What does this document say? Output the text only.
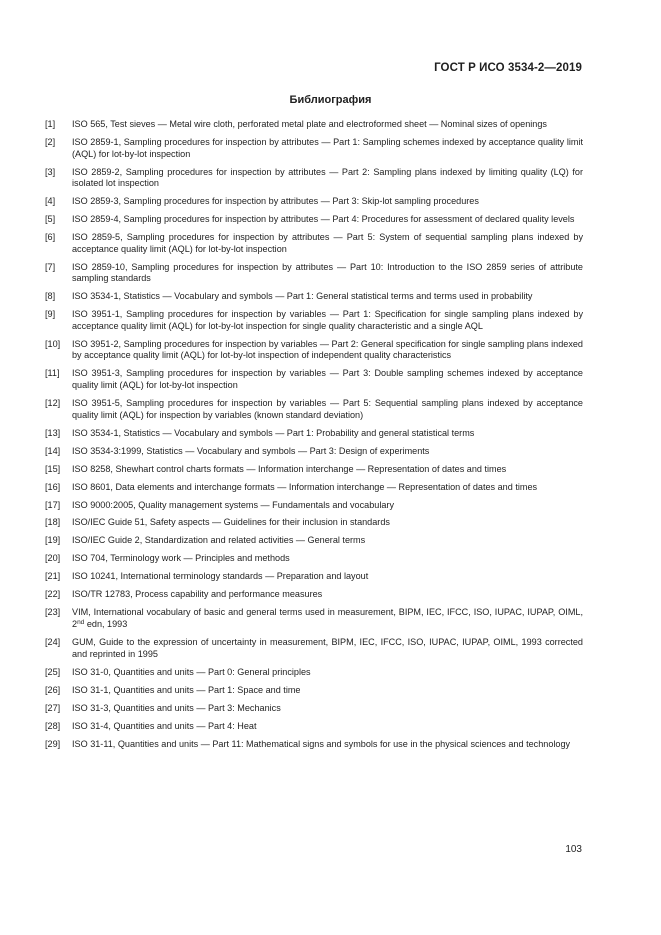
ГОСТ Р ИСО 3534-2—2019
Библиография
[1]	ISO 565, Test sieves — Metal wire cloth, perforated metal plate and electroformed sheet — Nominal sizes of openings
[2]	ISO 2859-1, Sampling procedures for inspection by attributes — Part 1: Sampling schemes indexed by acceptance quality limit (AQL) for lot-by-lot inspection
[3]	ISO 2859-2, Sampling procedures for inspection by attributes — Part 2: Sampling plans indexed by limiting quality (LQ) for isolated lot inspection
[4]	ISO 2859-3, Sampling procedures for inspection by attributes — Part 3: Skip-lot sampling procedures
[5]	ISO 2859-4, Sampling procedures for inspection by attributes — Part 4: Procedures for assessment of declared quality levels
[6]	ISO 2859-5, Sampling procedures for inspection by attributes — Part 5: System of sequential sampling plans indexed by acceptance quality limit (AQL) for lot-by-lot inspection
[7]	ISO 2859-10, Sampling procedures for inspection by attributes — Part 10: Introduction to the ISO 2859 series of attribute sampling standards
[8]	ISO 3534-1, Statistics — Vocabulary and symbols — Part 1: General statistical terms and terms used in probability
[9]	ISO 3951-1, Sampling procedures for inspection by variables — Part 1: Specification for single sampling plans indexed by acceptance quality limit (AQL) for lot-by-lot inspection for single quality characteristic and a single AQL
[10]	ISO 3951-2, Sampling procedures for inspection by variables — Part 2: General specification for single sampling plans indexed by acceptance quality limit (AQL) for lot-by-lot inspection of independent quality characteristics
[11]	ISO 3951-3, Sampling procedures for inspection by variables — Part 3: Double sampling schemes indexed by acceptance quality limit (AQL) for lot-by-lot inspection
[12]	ISO 3951-5, Sampling procedures for inspection by variables — Part 5: Sequential sampling plans indexed by acceptance quality limit (AQL) for inspection by variables (known standard deviation)
[13]	ISO 3534-1, Statistics — Vocabulary and symbols — Part 1: Probability and general statistical terms
[14]	ISO 3534-3:1999, Statistics — Vocabulary and symbols — Part 3: Design of experiments
[15]	ISO 8258, Shewhart control charts formats — Information interchange — Representation of dates and times
[16]	ISO 8601, Data elements and interchange formats — Information interchange — Representation of dates and times
[17]	ISO 9000:2005, Quality management systems — Fundamentals and vocabulary
[18]	ISO/IEC Guide 51, Safety aspects — Guidelines for their inclusion in standards
[19]	ISO/IEC Guide 2, Standardization and related activities — General terms
[20]	ISO 704, Terminology work — Principles and methods
[21]	ISO 10241, International terminology standards — Preparation and layout
[22]	ISO/TR 12783, Process capability and performance measures
[23]	VIM, International vocabulary of basic and general terms used in measurement, BIPM, IEC, IFCC, ISO, IUPAC, IUPAP, OIML, 2nd edn, 1993
[24]	GUM, Guide to the expression of uncertainty in measurement, BIPM, IEC, IFCC, ISO, IUPAC, IUPAP, OIML, 1993 corrected and reprinted in 1995
[25]	ISO 31-0, Quantities and units — Part 0: General principles
[26]	ISO 31-1, Quantities and units — Part 1: Space and time
[27]	ISO 31-3, Quantities and units — Part 3: Mechanics
[28]	ISO 31-4, Quantities and units — Part 4: Heat
[29]	ISO 31-11, Quantities and units — Part 11: Mathematical signs and symbols for use in the physical sciences and technology
103
